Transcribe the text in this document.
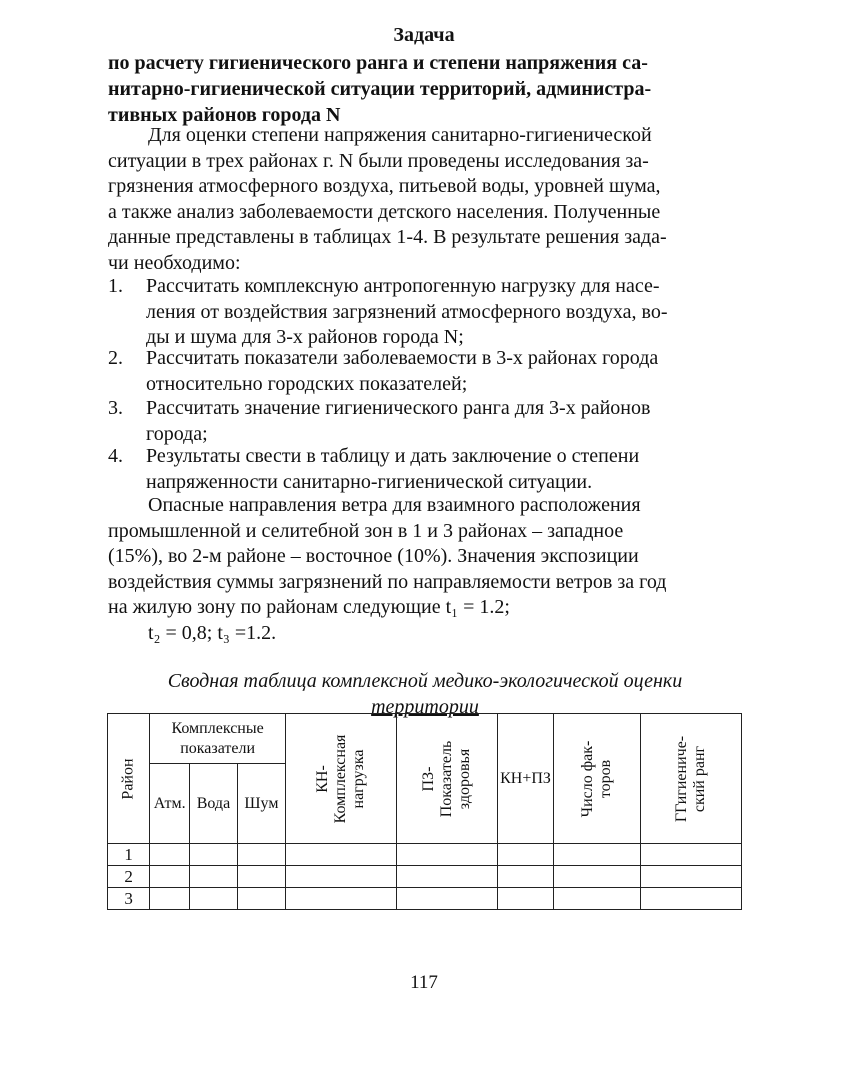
Задача
по расчету гигиенического ранга и степени напряжения са-
нитарно-гигиенической ситуации территорий, администра-
тивных районов города N
Для оценки степени напряжения санитарно-гигиенической
ситуации в трех районах г. N были проведены исследования за-
грязнения атмосферного воздуха, питьевой воды, уровней шума,
а также анализ заболеваемости детского населения. Полученные
данные представлены в таблицах 1-4. В результате решения зада-
чи необходимо:
1. Рассчитать комплексную антропогенную нагрузку для насе-
ления от воздействия загрязнений атмосферного воздуха, во-
ды и шума для 3-х районов города N;
2. Рассчитать показатели заболеваемости в 3-х районах города
относительно городских показателей;
3. Рассчитать значение гигиенического ранга для 3-х районов
города;
4. Результаты свести в таблицу и дать заключение о степени
напряженности санитарно-гигиенической ситуации.
Опасные направления ветра для взаимного расположения
промышленной и селитебной зон в 1 и 3 районах – западное
(15%), во 2-м районе – восточное (10%). Значения экспозиции
воздействия суммы загрязнений по направляемости ветров за год
на жилую зону по районам следующие t₁ = 1.2;
t₂ = 0,8; t₃ =1.2.
Сводная таблица комплексной медико-экологической оценки
территории
Район	Комплексные показатели			КН- Комплексная нагрузка	ПЗ- Показатель здоровья	КН+ПЗ	Число фак- торов	ГГигиениче- ский ранг
	Атм.	Вода	Шум					
1								
2								
3								
117
